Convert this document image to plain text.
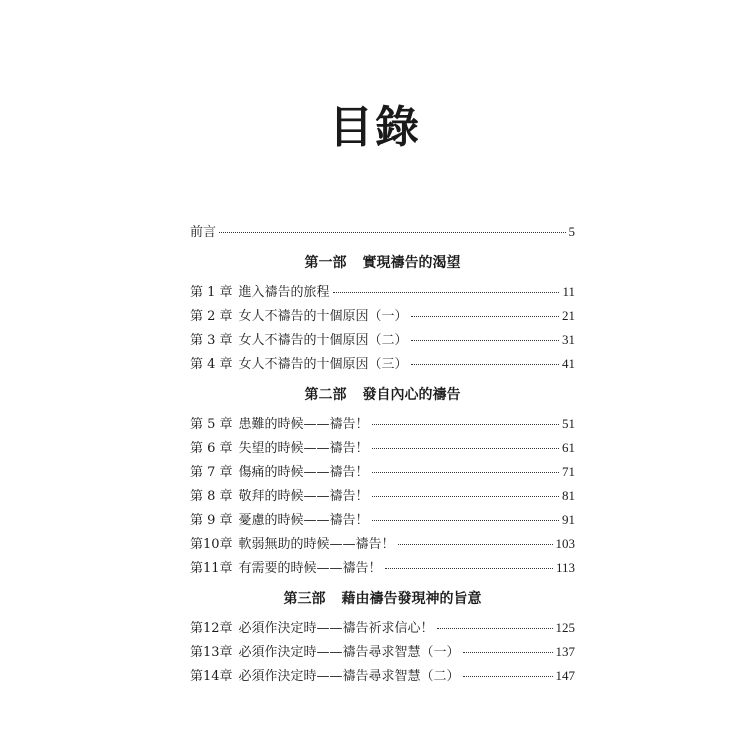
目錄
前言	5
第一部 實現禱告的渴望
第 1 章 進入禱告的旅程	11
第 2 章 女人不禱告的十個原因（一）	21
第 3 章 女人不禱告的十個原因（二）	31
第 4 章 女人不禱告的十個原因（三）	41
第二部 發自內心的禱告
第 5 章 患難的時候——禱告！	51
第 6 章 失望的時候——禱告！	61
第 7 章 傷痛的時候——禱告！	71
第 8 章 敬拜的時候——禱告！	81
第 9 章 憂慮的時候——禱告！	91
第10章 軟弱無助的時候——禱告！	103
第11章 有需要的時候——禱告！	113
第三部 藉由禱告發現神的旨意
第12章 必須作決定時——禱告祈求信心！	125
第13章 必須作決定時——禱告尋求智慧（一）	137
第14章 必須作決定時——禱告尋求智慧（二）	147
